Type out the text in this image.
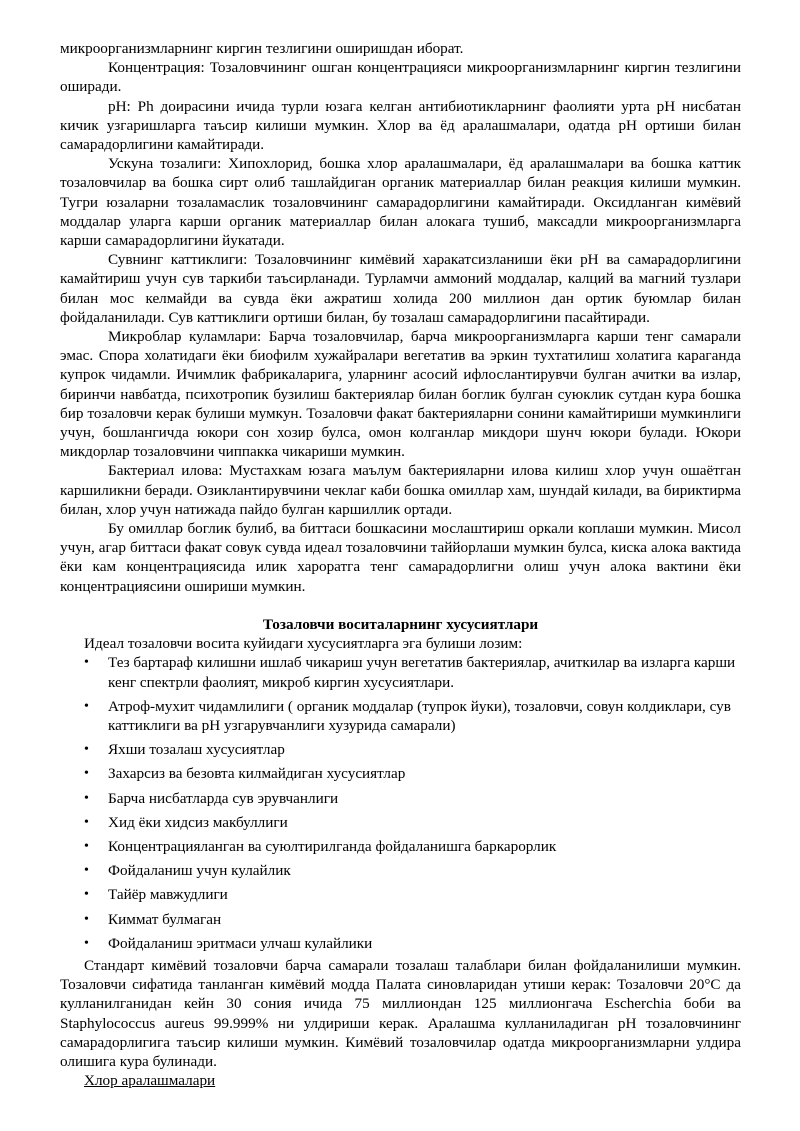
микроорганизмларнинг киргин тезлигини оширишдан иборат.

Концентрация: Тозаловчининг ошган концентрацияси микроорганизмларнинг киргин тезлигини оширади.

pH: Ph доирасини ичида турли юзага келган антибиотикларнинг фаолияти урта pH нисбатан кичик узгаришларга таъсир килиши мумкин. Хлор ва ёд аралашмалари, одатда pH ортиши билан самарадорлигини камайтиради.

Ускуна тозалиги: Хипохлорид, бошка хлор аралашмалари, ёд аралашмалари ва бошка каттик тозаловчилар ва бошка сирт олиб ташлайдиган органик материаллар билан реакция килиши мумкин. Тугри юзаларни тозаламаслик тозаловчининг самарадорлигини камайтиради. Оксидланган кимёвий моддалар уларга карши органик материаллар билан алокага тушиб, максадли микроорганизмларга карши самарадорлигини йукатади.

Сувнинг каттиклиги: Тозаловчининг кимёвий харакатсизланиши ёки pH ва самарадорлигини камайтириш учун сув таркиби таъсирланади. Турламчи аммоний моддалар, калций ва магний тузлари билан мос келмайди ва сувда ёки ажратиш холида 200 миллион дан ортик буюмлар билан фойдаланилади. Сув каттиклиги ортиши билан, бу тозалаш самарадорлигини пасайтиради.

Микроблар куламлари: Барча тозаловчилар, барча микроорганизмларга карши тенг самарали эмас. Спора холатидаги ёки биофилм хужайралари вегетатив ва эркин тухтатилиш холатига караганда купрок чидамли. Ичимлик фабрикаларига, уларнинг асосий ифлослантирувчи булган ачитки ва излар, биринчи навбатда, психотропик бузилиш бактериялар билан боглик булган суюклик сутдан кура бошка бир тозаловчи керак булиши мумкун. Тозаловчи факат бактерияларни сонини камайтириши мумкинлиги учун, бошлангичда юкори сон хозир булса, омон колганлар микдори шунч юкори булади. Юкори микдорлар тозаловчини чиппакка чикариши мумкин.

Бактериал илова: Мустахкам юзага маълум бактерияларни илова килиш хлор учун ошаётган каршиликни беради. Озиклантирувчини чеклаг каби бошка омиллар хам, шундай килади, ва бириктирма билан, хлор учун натижада пайдо булган каршиллик ортади.

Бу омиллар боглик булиб, ва биттаси бошкасини мослаштириш оркали коплаши мумкин. Мисол учун, агар биттаси факат совук сувда идеал тозаловчини таййорлаши мумкин булса, киска алока вактида ёки кам концентрациясида илик хароратга тенг самарадорлигни олиш учун алока вактини ёки концентрациясини ошириши мумкин.

Тозаловчи воситаларнинг хусусиятлари

Идеал тозаловчи восита куйидаги хусусиятларга эга булиши лозим:

• Тез бартараф килишни ишлаб чикариш учун вегетатив бактериялар, ачиткилар ва изларга карши кенг спектрли фаолият, микроб киргин хусусиятлари.
• Атроф-мухит чидамлилиги ( органик моддалар (тупрок йуки), тозаловчи, совун колдиклари, сув каттиклиги ва pH узгарувчанлиги хузурида самарали)
• Яхши тозалаш хусусиятлар
• Захарсиз ва безовта килмайдиган хусусиятлар
• Барча нисбатларда сув эрувчанлиги
• Хид ёки хидсиз макбуллиги
• Концентрацияланган ва суюлтирилганда фойдаланишга баркарорлик
• Фойдаланиш учун кулайлик
• Тайёр мавжудлиги
• Киммат булмаган
• Фойдаланиш эритмаси улчаш кулайлики

Стандарт кимёвий тозаловчи барча самарали тозалаш талаблари билан фойдаланилиши мумкин. Тозаловчи сифатида танланган кимёвий модда Палата синовларидан утиши керак: Тозаловчи 20°C да кулланилганидан кейн 30 сония ичида 75 миллиондан 125 миллионгача Escherchia боби ва Staphylococcus aureus 99.999% ни улдириши керак. Аралашма кулланиладиган pH тозаловчининг самарадорлигига таъсир килиши мумкин. Кимёвий тозаловчилар одатда микроорганизмларни улдира олишига кура булинади.

Хлор аралашмалари
